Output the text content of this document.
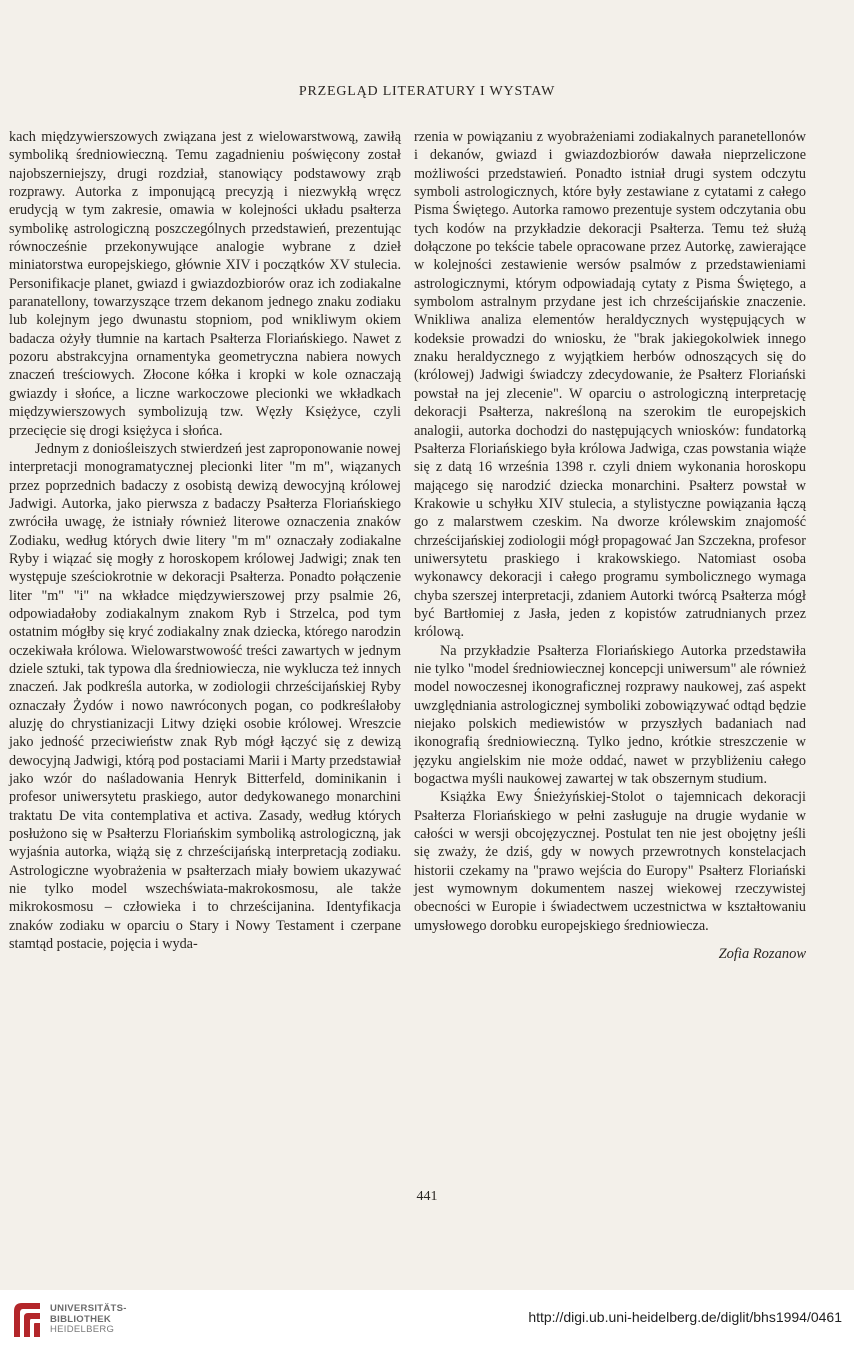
PRZEGLĄD LITERATURY I WYSTAW

kach międzywierszowych związana jest z wielowarstwową, zawiłą symboliką średniowieczną. Temu zagadnieniu poświęcony został najobszerniejszy, drugi rozdział, stanowiący podstawowy zrąb rozprawy. Autorka z imponującą precyzją i niezwykłą wręcz erudycją w tym zakresie, omawia w kolejności układu psałterza symbolikę astrologiczną poszczególnych przedstawień, prezentując równocześnie przekonywujące analogie wybrane z dzieł miniatorstwa europejskiego, głównie XIV i początków XV stulecia. Personifikacje planet, gwiazd i gwiazdozbiorów oraz ich zodiakalne paranatellony, towarzyszące trzem dekanom jednego znaku zodiaku lub kolejnym jego dwunastu stopniom, pod wnikliwym okiem badacza ożyły tłumnie na kartach Psałterza Floriańskiego. Nawet z pozoru abstrakcyjna ornamentyka geometryczna nabiera nowych znaczeń treściowych. Złocone kółka i kropki w kole oznaczają gwiazdy i słońce, a liczne warkoczowe plecionki we wkładkach międzywierszowych symbolizują tzw. Węzły Księżyce, czyli przecięcie się drogi księżyca i słońca.

Jednym z doniośleiszych stwierdzeń jest zaproponowanie nowej interpretacji monogramatycznej plecionki liter "m m", wiązanych przez poprzednich badaczy z osobistą dewizą dewocyjną królowej Jadwigi. Autorka, jako pierwsza z badaczy Psałterza Floriańskiego zwróciła uwagę, że istniały również literowe oznaczenia znaków Zodiaku, według których dwie litery "m m" oznaczały zodiakalne Ryby i wiązać się mogły z horoskopem królowej Jadwigi; znak ten występuje sześciokrotnie w dekoracji Psałterza. Ponadto połączenie liter "m" "i" na wkładce międzywierszowej przy psalmie 26, odpowiadałoby zodiakalnym znakom Ryb i Strzelca, pod tym ostatnim mógłby się kryć zodiakalny znak dziecka, którego narodzin oczekiwała królowa. Wielowarstwowość treści zawartych w jednym dziele sztuki, tak typowa dla średniowiecza, nie wyklucza też innych znaczeń. Jak podkreśla autorka, w zodiologii chrześcijańskiej Ryby oznaczały Żydów i nowo nawróconych pogan, co podkreślałoby aluzję do chrystianizacji Litwy dzięki osobie królowej. Wreszcie jako jedność przeciwieństw znak Ryb mógł łączyć się z dewizą dewocyjną Jadwigi, którą pod postaciami Marii i Marty przedstawiał jako wzór do naśladowania Henryk Bitterfeld, dominikanin i profesor uniwersytetu praskiego, autor dedykowanego monarchini traktatu De vita contemplativa et activa. Zasady, według których posłużono się w Psałterzu Floriańskim symboliką astrologiczną, jak wyjaśnia autorka, wiążą się z chrześcijańską interpretacją zodiaku. Astrologiczne wyobrażenia w psałterzach miały bowiem ukazywać nie tylko model wszechświata-makrokosmosu, ale także mikrokosmosu – człowieka i to chrześcijanina. Identyfikacja znaków zodiaku w oparciu o Stary i Nowy Testament i czerpane stamtąd postacie, pojęcia i wyda-

rzenia w powiązaniu z wyobrażeniami zodiakalnych paranetellonów i dekanów, gwiazd i gwiazdozbiorów dawała nieprzeliczone możliwości przedstawień. Ponadto istniał drugi system odczytu symboli astrologicznych, które były zestawiane z cytatami z całego Pisma Świętego. Autorka ramowo prezentuje system odczytania obu tych kodów na przykładzie dekoracji Psałterza. Temu też służą dołączone po tekście tabele opracowane przez Autorkę, zawierające w kolejności zestawienie wersów psalmów z przedstawieniami astrologicznymi, którym odpowiadają cytaty z Pisma Świętego, a symbolom astralnym przydane jest ich chrześcijańskie znaczenie. Wnikliwa analiza elementów heraldycznych występujących w kodeksie prowadzi do wniosku, że "brak jakiegokolwiek innego znaku heraldycznego z wyjątkiem herbów odnoszących się do (królowej) Jadwigi świadczy zdecydowanie, że Psałterz Floriański powstał na jej zlecenie". W oparciu o astrologiczną interpretację dekoracji Psałterza, nakreśloną na szerokim tle europejskich analogii, autorka dochodzi do następujących wniosków: fundatorką Psałterza Floriańskiego była królowa Jadwiga, czas powstania wiąże się z datą 16 września 1398 r. czyli dniem wykonania horoskopu mającego się narodzić dziecka monarchini. Psałterz powstał w Krakowie u schyłku XIV stulecia, a stylistyczne powiązania łączą go z malarstwem czeskim. Na dworze królewskim znajomość chrześcijańskiej zodiologii mógł propagować Jan Szczekna, profesor uniwersytetu praskiego i krakowskiego. Natomiast osoba wykonawcy dekoracji i całego programu symbolicznego wymaga chyba szerszej interpretacji, zdaniem Autorki twórcą Psałterza mógł być Bartłomiej z Jasła, jeden z kopistów zatrudnianych przez królową.

Na przykładzie Psałterza Floriańskiego Autorka przedstawiła nie tylko "model średniowiecznej koncepcji uniwersum" ale również model nowoczesnej ikonograficznej rozprawy naukowej, zaś aspekt uwzględniania astrologicznej symboliki zobowiązywać odtąd będzie niejako polskich mediewistów w przyszłych badaniach nad ikonografią średniowieczną. Tylko jedno, krótkie streszczenie w języku angielskim nie może oddać, nawet w przybliżeniu całego bogactwa myśli naukowej zawartej w tak obszernym studium.

Książka Ewy Śnieżyńskiej-Stolot o tajemnicach dekoracji Psałterza Floriańskiego w pełni zasługuje na drugie wydanie w całości w wersji obcojęzycznej. Postulat ten nie jest obojętny jeśli się zważy, że dziś, gdy w nowych przewrotnych konstelacjach historii czekamy na "prawo wejścia do Europy" Psałterz Floriański jest wymownym dokumentem naszej wiekowej rzeczywistej obecności w Europie i świadectwem uczestnictwa w kształtowaniu umysłowego dorobku europejskiego średniowiecza.

Zofia Rozanow
441
UNIVERSITÄTS-
BIBLIOTHEK
HEIDELBERG
http://digi.ub.uni-heidelberg.de/diglit/bhs1994/0461
